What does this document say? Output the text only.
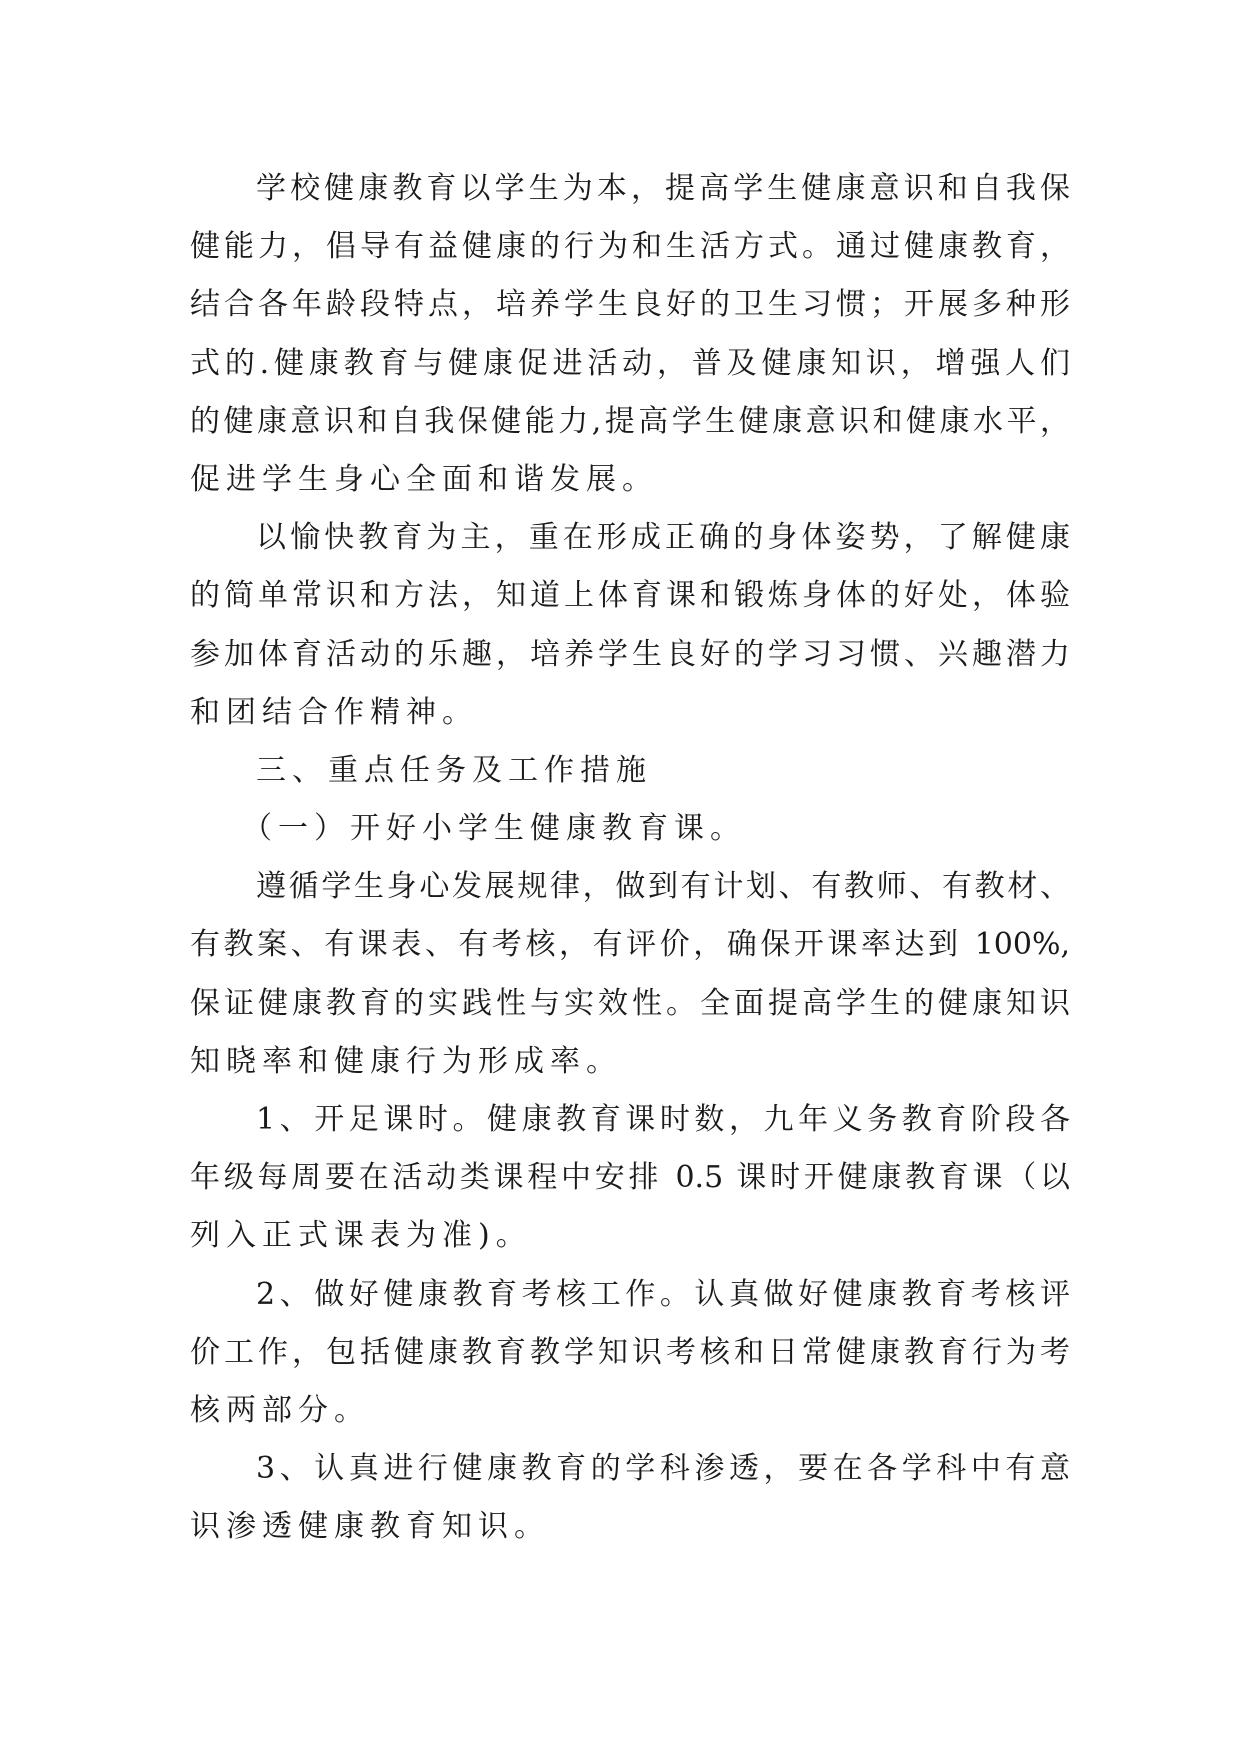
学校健康教育以学生为本，提高学生健康意识和自我保
健能力，倡导有益健康的行为和生活方式。通过健康教育，
结合各年龄段特点，培养学生良好的卫生习惯；开展多种形
式的.健康教育与健康促进活动，普及健康知识，增强人们
的健康意识和自我保健能力,提高学生健康意识和健康水平，
促进学生身心全面和谐发展。
以愉快教育为主，重在形成正确的身体姿势，了解健康
的简单常识和方法，知道上体育课和锻炼身体的好处，体验
参加体育活动的乐趣，培养学生良好的学习习惯、兴趣潜力
和团结合作精神。
三、重点任务及工作措施
（一）开好小学生健康教育课。
遵循学生身心发展规律，做到有计划、有教师、有教材、
有教案、有课表、有考核，有评价，确保开课率达到 100%,
保证健康教育的实践性与实效性。全面提高学生的健康知识
知晓率和健康行为形成率。
1、开足课时。健康教育课时数，九年义务教育阶段各
年级每周要在活动类课程中安排 0.5 课时开健康教育课（以
列入正式课表为准)。
2、做好健康教育考核工作。认真做好健康教育考核评
价工作，包括健康教育教学知识考核和日常健康教育行为考
核两部分。
3、认真进行健康教育的学科渗透，要在各学科中有意
识渗透健康教育知识。
